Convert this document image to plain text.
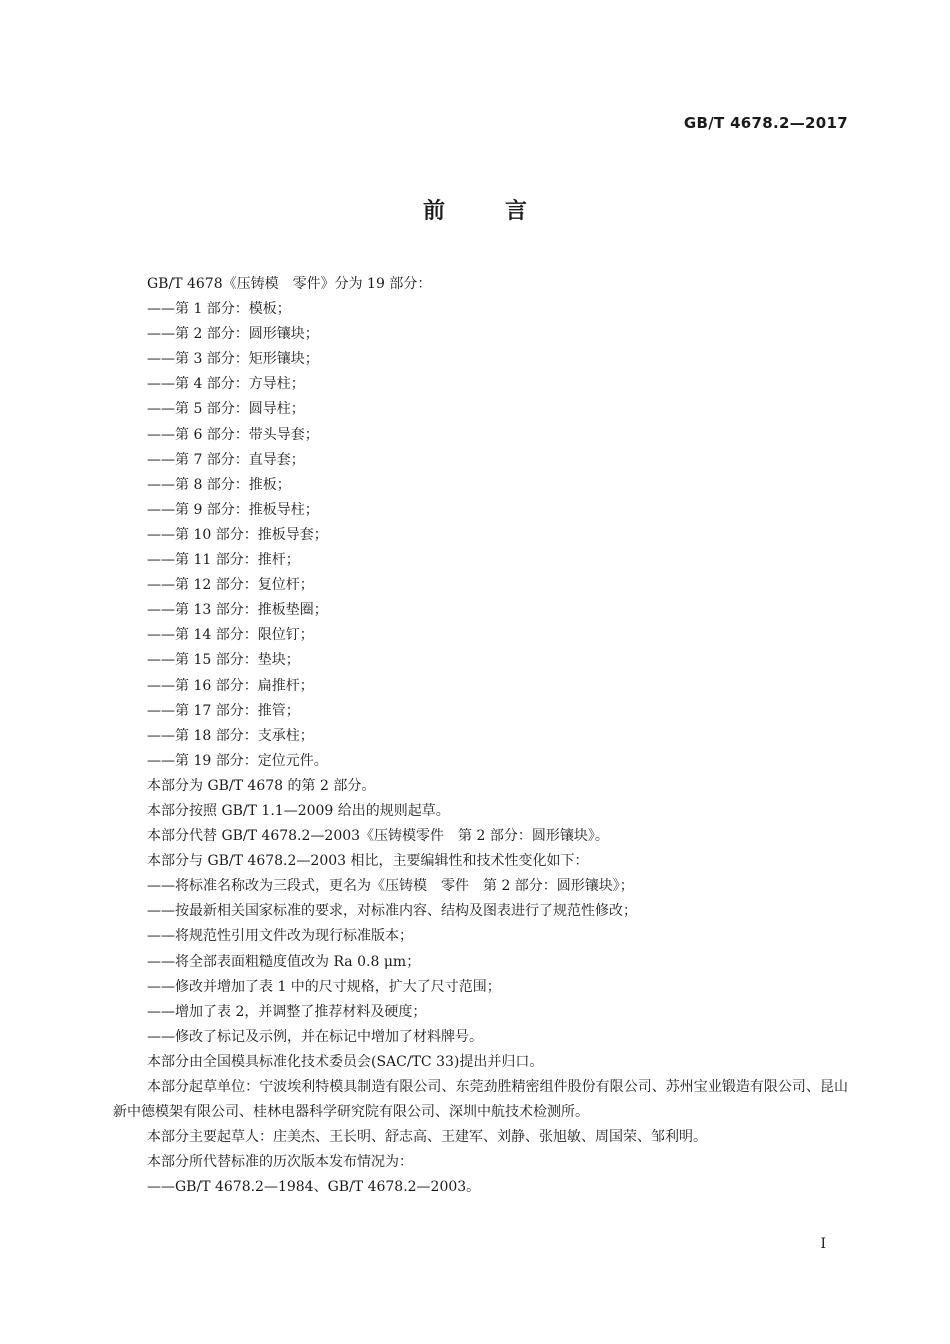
GB/T 4678.2—2017
前言

GB/T 4678《压铸模　零件》分为 19 部分：

——第 1 部分：模板；

——第 2 部分：圆形镶块；

——第 3 部分：矩形镶块；

——第 4 部分：方导柱；

——第 5 部分：圆导柱；

——第 6 部分：带头导套；

——第 7 部分：直导套；

——第 8 部分：推板；

——第 9 部分：推板导柱；

——第 10 部分：推板导套；

——第 11 部分：推杆；

——第 12 部分：复位杆；

——第 13 部分：推板垫圈；

——第 14 部分：限位钉；

——第 15 部分：垫块；

——第 16 部分：扁推杆；

——第 17 部分：推管；

——第 18 部分：支承柱；

——第 19 部分：定位元件。

本部分为 GB/T 4678 的第 2 部分。

本部分按照 GB/T 1.1—2009 给出的规则起草。

本部分代替 GB/T 4678.2—2003《压铸模零件　第 2 部分：圆形镶块》。

本部分与 GB/T 4678.2—2003 相比，主要编辑性和技术性变化如下：

——将标准名称改为三段式，更名为《压铸模　零件　第 2 部分：圆形镶块》；

——按最新相关国家标准的要求，对标准内容、结构及图表进行了规范性修改；

——将规范性引用文件改为现行标准版本；

——将全部表面粗糙度值改为 Ra 0.8 μm；

——修改并增加了表 1 中的尺寸规格，扩大了尺寸范围；

——增加了表 2，并调整了推荐材料及硬度；

——修改了标记及示例，并在标记中增加了材料牌号。

本部分由全国模具标准化技术委员会(SAC/TC 33)提出并归口。

本部分起草单位：宁波埃利特模具制造有限公司、东莞劲胜精密组件股份有限公司、苏州宝业锻造有限公司、昆山新中德模架有限公司、桂林电器科学研究院有限公司、深圳中航技术检测所。

本部分主要起草人：庄美杰、王长明、舒志高、王建军、刘静、张旭敏、周国荣、邹利明。

本部分所代替标准的历次版本发布情况为：

——GB/T 4678.2—1984、GB/T 4678.2—2003。

I
